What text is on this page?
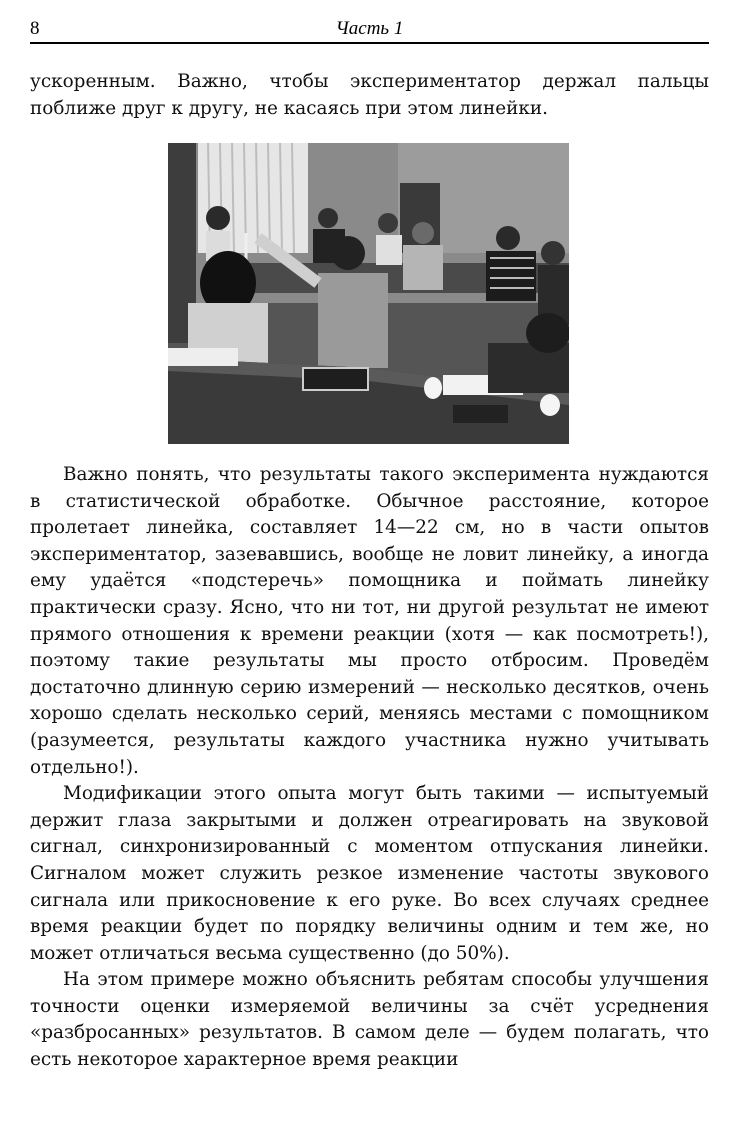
8	Часть 1

ускоренным. Важно, чтобы экспериментатор держал пальцы поближе друг к другу, не касаясь при этом линейки.

Важно понять, что результаты такого эксперимента нуждаются в статистической обработке. Обычное расстояние, которое пролетает линейка, составляет 14—22 см, но в части опытов экспериментатор, зазевавшись, вообще не ловит линейку, а иногда ему удаётся «подстеречь» помощника и поймать линейку практически сразу. Ясно, что ни тот, ни другой результат не имеют прямого отношения к времени реакции (хотя — как посмотреть!), поэтому такие результаты мы просто отбросим. Проведём достаточно длинную серию измерений — несколько десятков, очень хорошо сделать несколько серий, меняясь местами с помощником (разумеется, результаты каждого участника нужно учитывать отдельно!).

Модификации этого опыта могут быть такими — испытуемый держит глаза закрытыми и должен отреагировать на звуковой сигнал, синхронизированный с моментом отпускания линейки. Сигналом может служить резкое изменение частоты звукового сигнала или прикосновение к его руке. Во всех случаях среднее время реакции будет по порядку величины одним и тем же, но может отличаться весьма существенно (до 50%).

На этом примере можно объяснить ребятам способы улучшения точности оценки измеряемой величины за счёт усреднения «разбросанных» результатов. В самом деле — будем полагать, что есть некоторое характерное время реакции
